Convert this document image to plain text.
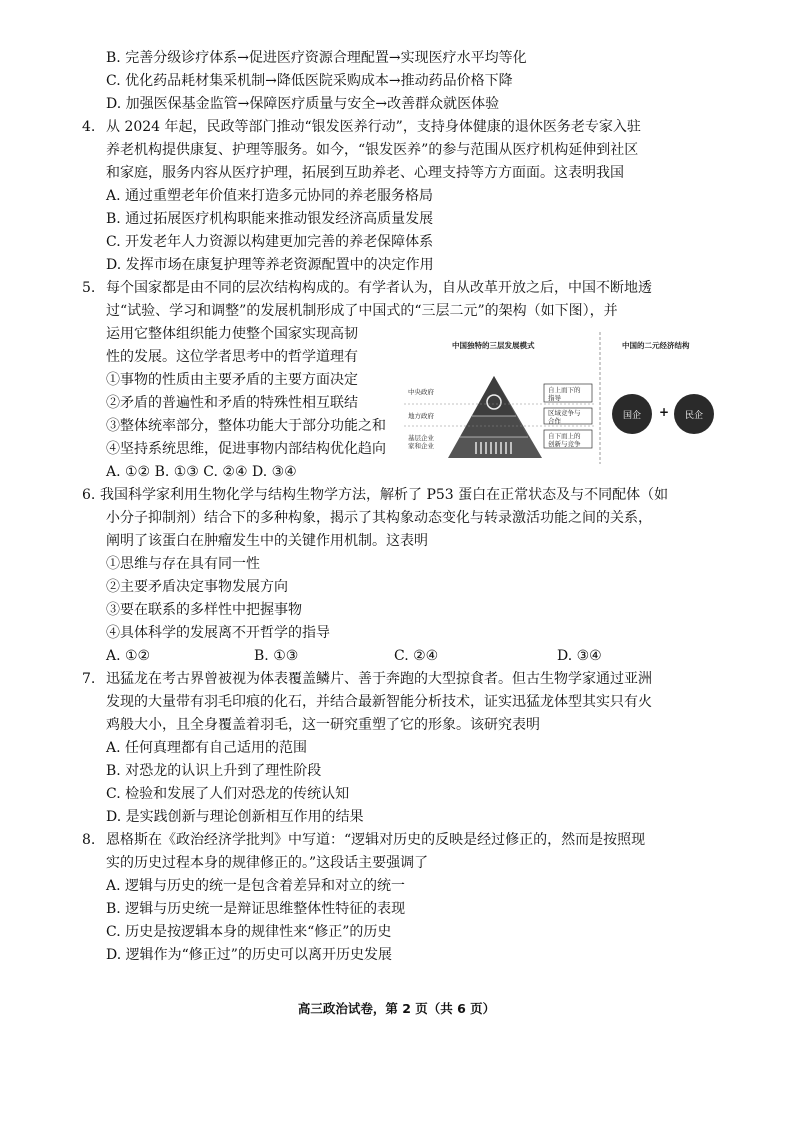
B. 完善分级诊疗体系→促进医疗资源合理配置→实现医疗水平均等化
C. 优化药品耗材集采机制→降低医院采购成本→推动药品价格下降
D. 加强医保基金监管→保障医疗质量与安全→改善群众就医体验
4. 从 2024 年起，民政等部门推动“银发医养行动”，支持身体健康的退休医务老专家入驻
养老机构提供康复、护理等服务。如今，“银发医养”的参与范围从医疗机构延伸到社区
和家庭，服务内容从医疗护理，拓展到互助养老、心理支持等方方面面。这表明我国
A. 通过重塑老年价值来打造多元协同的养老服务格局
B. 通过拓展医疗机构职能来推动银发经济高质量发展
C. 开发老年人力资源以构建更加完善的养老保障体系
D. 发挥市场在康复护理等养老资源配置中的决定作用
5. 每个国家都是由不同的层次结构构成的。有学者认为，自从改革开放之后，中国不断地透
过“试验、学习和调整”的发展机制形成了中国式的“三层二元”的架构（如下图），并
运用它整体组织能力使整个国家实现高韧
性的发展。这位学者思考中的哲学道理有
①事物的性质由主要矛盾的主要方面决定
②矛盾的普遍性和矛盾的特殊性相互联结
③整体统率部分，整体功能大于部分功能之和
④坚持系统思维，促进事物内部结构优化趋向
A. ①② B. ①③ C. ②④ D. ③④
中国独特的三层发展模式	中国的二元经济结构
中央政府
地方政府
基层企业家和企业
自上而下的
指导
区域竞争与
合作
自下而上的
创新与竞争
国企	+	民企
6. 我国科学家利用生物化学与结构生物学方法，解析了 P53 蛋白在正常状态及与不同配体（如
小分子抑制剂）结合下的多种构象，揭示了其构象动态变化与转录激活功能之间的关系，
阐明了该蛋白在肿瘤发生中的关键作用机制。这表明
①思维与存在具有同一性
②主要矛盾决定事物发展方向
③要在联系的多样性中把握事物
④具体科学的发展离不开哲学的指导
A. ①②	B. ①③	C. ②④	D. ③④
7. 迅猛龙在考古界曾被视为体表覆盖鳞片、善于奔跑的大型掠食者。但古生物学家通过亚洲
发现的大量带有羽毛印痕的化石，并结合最新智能分析技术，证实迅猛龙体型其实只有火
鸡般大小，且全身覆盖着羽毛，这一研究重塑了它的形象。该研究表明
A. 任何真理都有自己适用的范围
B. 对恐龙的认识上升到了理性阶段
C. 检验和发展了人们对恐龙的传统认知
D. 是实践创新与理论创新相互作用的结果
8. 恩格斯在《政治经济学批判》中写道：“逻辑对历史的反映是经过修正的，然而是按照现
实的历史过程本身的规律修正的。”这段话主要强调了
A. 逻辑与历史的统一是包含着差异和对立的统一
B. 逻辑与历史统一是辩证思维整体性特征的表现
C. 历史是按逻辑本身的规律性来“修正”的历史
D. 逻辑作为“修正过”的历史可以离开历史发展
高三政治试卷，第 2 页（共 6 页）
